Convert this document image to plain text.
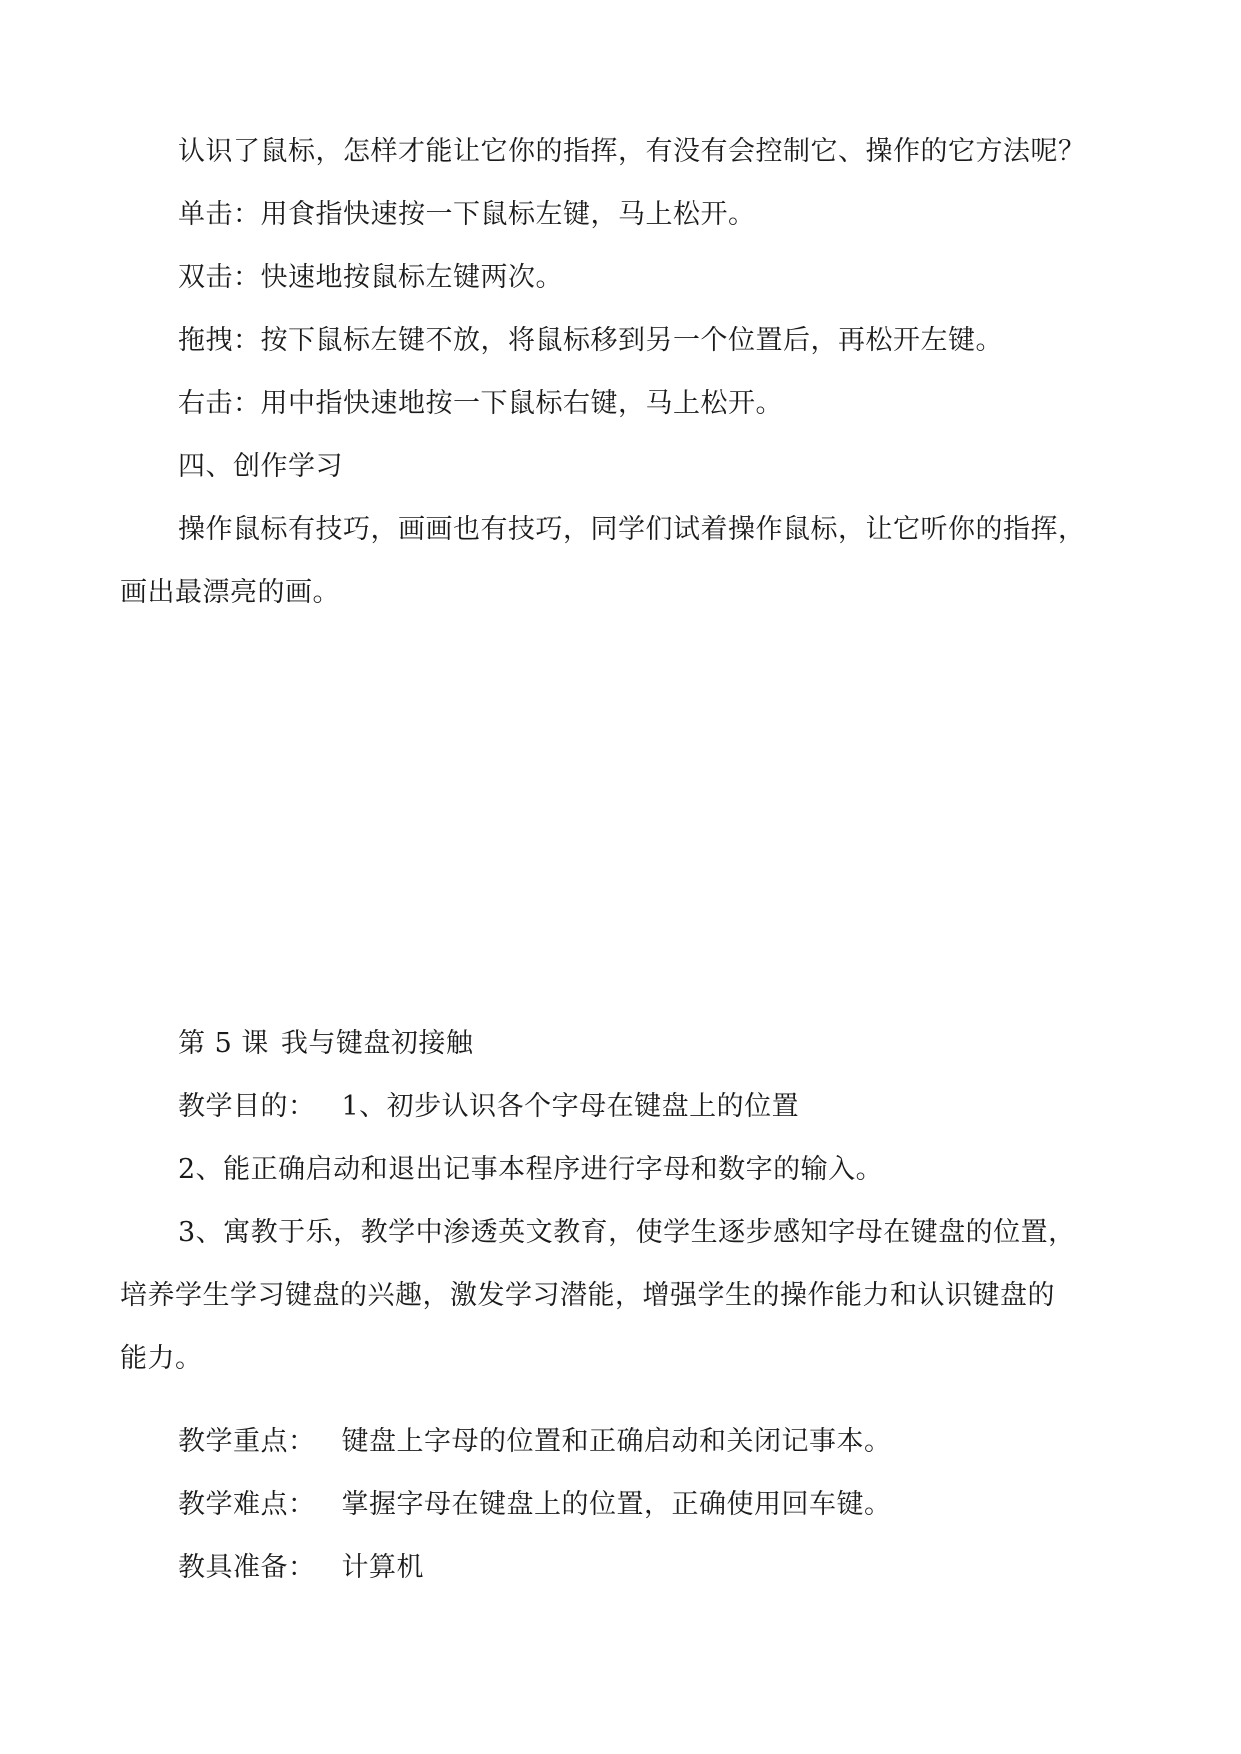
认识了鼠标，怎样才能让它你的指挥，有没有会控制它、操作的它方法呢？
单击：用食指快速按一下鼠标左键，马上松开。
双击：快速地按鼠标左键两次。
拖拽：按下鼠标左键不放，将鼠标移到另一个位置后，再松开左键。
右击：用中指快速地按一下鼠标右键，马上松开。
四、创作学习
操作鼠标有技巧，画画也有技巧，同学们试着操作鼠标，让它听你的指挥，
画出最漂亮的画。
第 5 课 我与键盘初接触
教学目的： 1、初步认识各个字母在键盘上的位置
2、能正确启动和退出记事本程序进行字母和数字的输入。
3、寓教于乐，教学中渗透英文教育，使学生逐步感知字母在键盘的位置，
培养学生学习键盘的兴趣，激发学习潜能，增强学生的操作能力和认识键盘的
能力。
教学重点： 键盘上字母的位置和正确启动和关闭记事本。
教学难点： 掌握字母在键盘上的位置，正确使用回车键。
教具准备： 计算机
